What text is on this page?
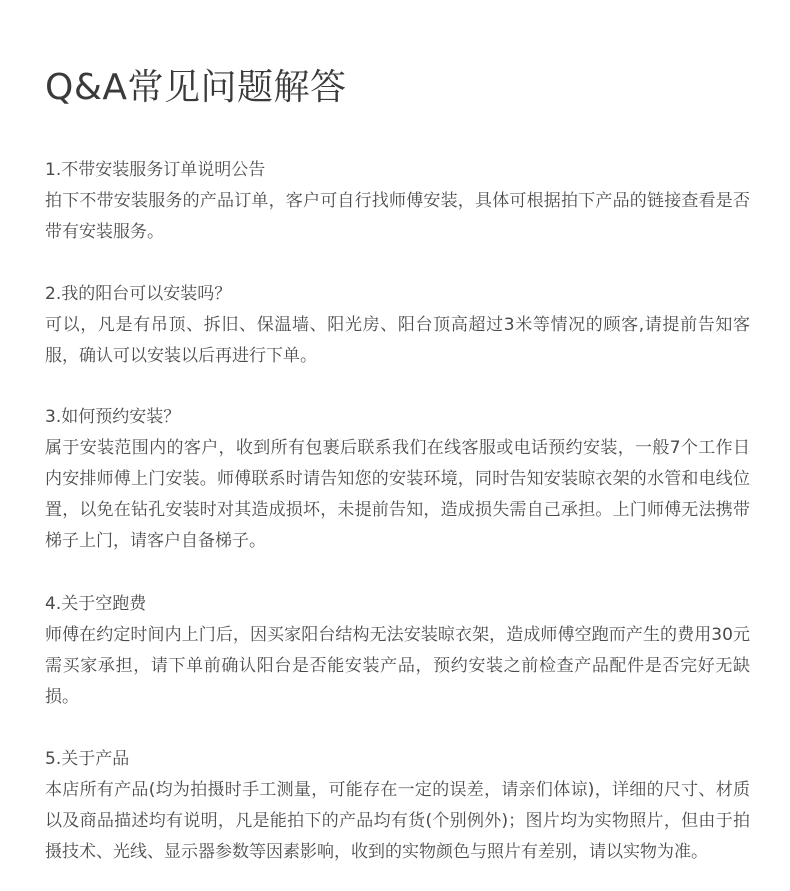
Q&A常见问题解答

1.不带安装服务订单说明公告

拍下不带安装服务的产品订单，客户可自行找师傅安装，具体可根据拍下产品的链接查看是否带有安装服务。

2.我的阳台可以安装吗？

可以，凡是有吊顶、拆旧、保温墙、阳光房、阳台顶高超过3米等情况的顾客,请提前告知客服，确认可以安装以后再进行下单。

3.如何预约安装？

属于安装范围内的客户，收到所有包裹后联系我们在线客服或电话预约安装，一般7个工作日内安排师傅上门安装。师傅联系时请告知您的安装环境，同时告知安装晾衣架的水管和电线位置，以免在钻孔安装时对其造成损坏，未提前告知，造成损失需自己承担。上门师傅无法携带梯子上门，请客户自备梯子。

4.关于空跑费

师傅在约定时间内上门后，因买家阳台结构无法安装晾衣架，造成师傅空跑而产生的费用30元需买家承担，请下单前确认阳台是否能安装产品，预约安装之前检查产品配件是否完好无缺损。

5.关于产品

本店所有产品(均为拍摄时手工测量，可能存在一定的误差，请亲们体谅)，详细的尺寸、材质以及商品描述均有说明，凡是能拍下的产品均有货(个别例外)；图片均为实物照片，但由于拍摄技术、光线、显示器参数等因素影响，收到的实物颜色与照片有差别，请以实物为准。
